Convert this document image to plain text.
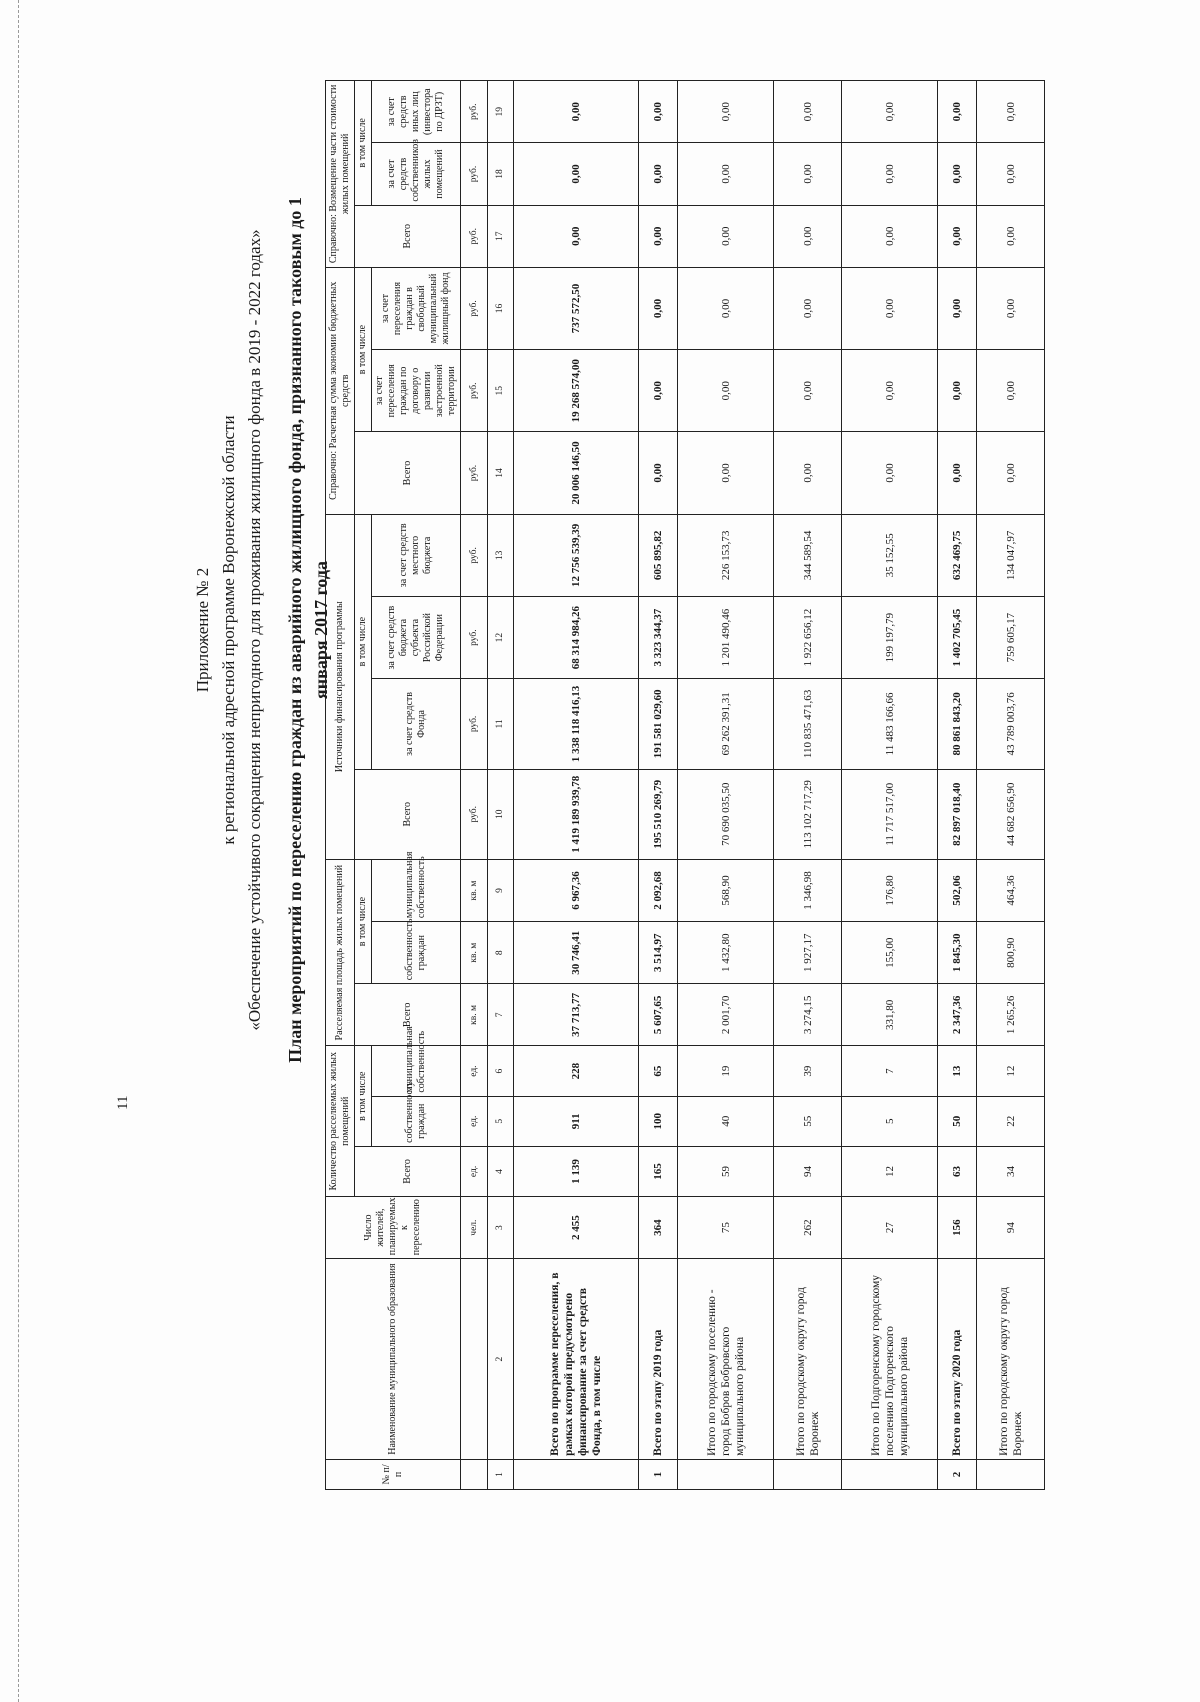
11
Приложение № 2 к региональной адресной программе Воронежской области «Обеспечение устойчивого сокращения непригодного для проживания жилищного фонда в 2019 - 2022 годах» План мероприятий по переселению граждан из аварийного жилищного фонда, признанного таковым до 1 января 2017 года
№ п/п	Наименование муниципального образования	Число жителей, планируемых к переселению	Количество расселяемых жилых помещений			Расселяемая площадь жилых помещений			Источники финансирования программы				Справочно: Расчетная сумма экономии бюджетных средств			Справочно: Возмещение части стоимости жилых помещений		
			Всего	в том числе		Всего	в том числе		Всего	в том числе			Всего	в том числе		Всего	в том числе	
				собственность граждан	муниципальная собственность		собственность граждан	муниципальная собственность		за счет средств Фонда	за счет средств бюджета субъекта Российской Федерации	за счет средств местного бюджета		за счет переселения граждан по договору о развитии застроенной территории	за счет переселения граждан в свободный муниципальный жилищный фонд		за счет средств собственников жилых помещений	за счет средств иных лиц (инвестора по ДРЗТ)
		чел.	ед.	ед.	ед.	кв. м	кв. м	кв. м	руб.	руб.	руб.	руб.	руб.	руб.	руб.	руб.	руб.	руб.
1	2	3	4	5	6	7	8	9	10	11	12	13	14	15	16	17	18	19
	Всего по программе переселения, в рамках которой предусмотрено финансирование за счет средств Фонда, в том числе	2 455	1 139	911	228	37 713,77	30 746,41	6 967,36	1 419 189 939,78	1 338 118 416,13	68 314 984,26	12 756 539,39	20 006 146,50	19 268 574,00	737 572,50	0,00	0,00	0,00
1	Всего по этапу 2019 года	364	165	100	65	5 607,65	3 514,97	2 092,68	195 510 269,79	191 581 029,60	3 323 344,37	605 895,82	0,00	0,00	0,00	0,00	0,00	0,00
	Итого по городскому поселению - город Бобров Бобровского муниципального района	75	59	40	19	2 001,70	1 432,80	568,90	70 690 035,50	69 262 391,31	1 201 490,46	226 153,73	0,00	0,00	0,00	0,00	0,00	0,00
	Итого по городскому округу город Воронеж	262	94	55	39	3 274,15	1 927,17	1 346,98	113 102 717,29	110 835 471,63	1 922 656,12	344 589,54	0,00	0,00	0,00	0,00	0,00	0,00
	Итого по Подгоренскому городскому поселению Подгоренского муниципального района	27	12	5	7	331,80	155,00	176,80	11 717 517,00	11 483 166,66	199 197,79	35 152,55	0,00	0,00	0,00	0,00	0,00	0,00
2	Всего по этапу 2020 года	156	63	50	13	2 347,36	1 845,30	502,06	82 897 018,40	80 861 843,20	1 402 705,45	632 469,75	0,00	0,00	0,00	0,00	0,00	0,00
	Итого по городскому округу город Воронеж	94	34	22	12	1 265,26	800,90	464,36	44 682 656,90	43 789 003,76	759 605,17	134 047,97	0,00	0,00	0,00	0,00	0,00	0,00
